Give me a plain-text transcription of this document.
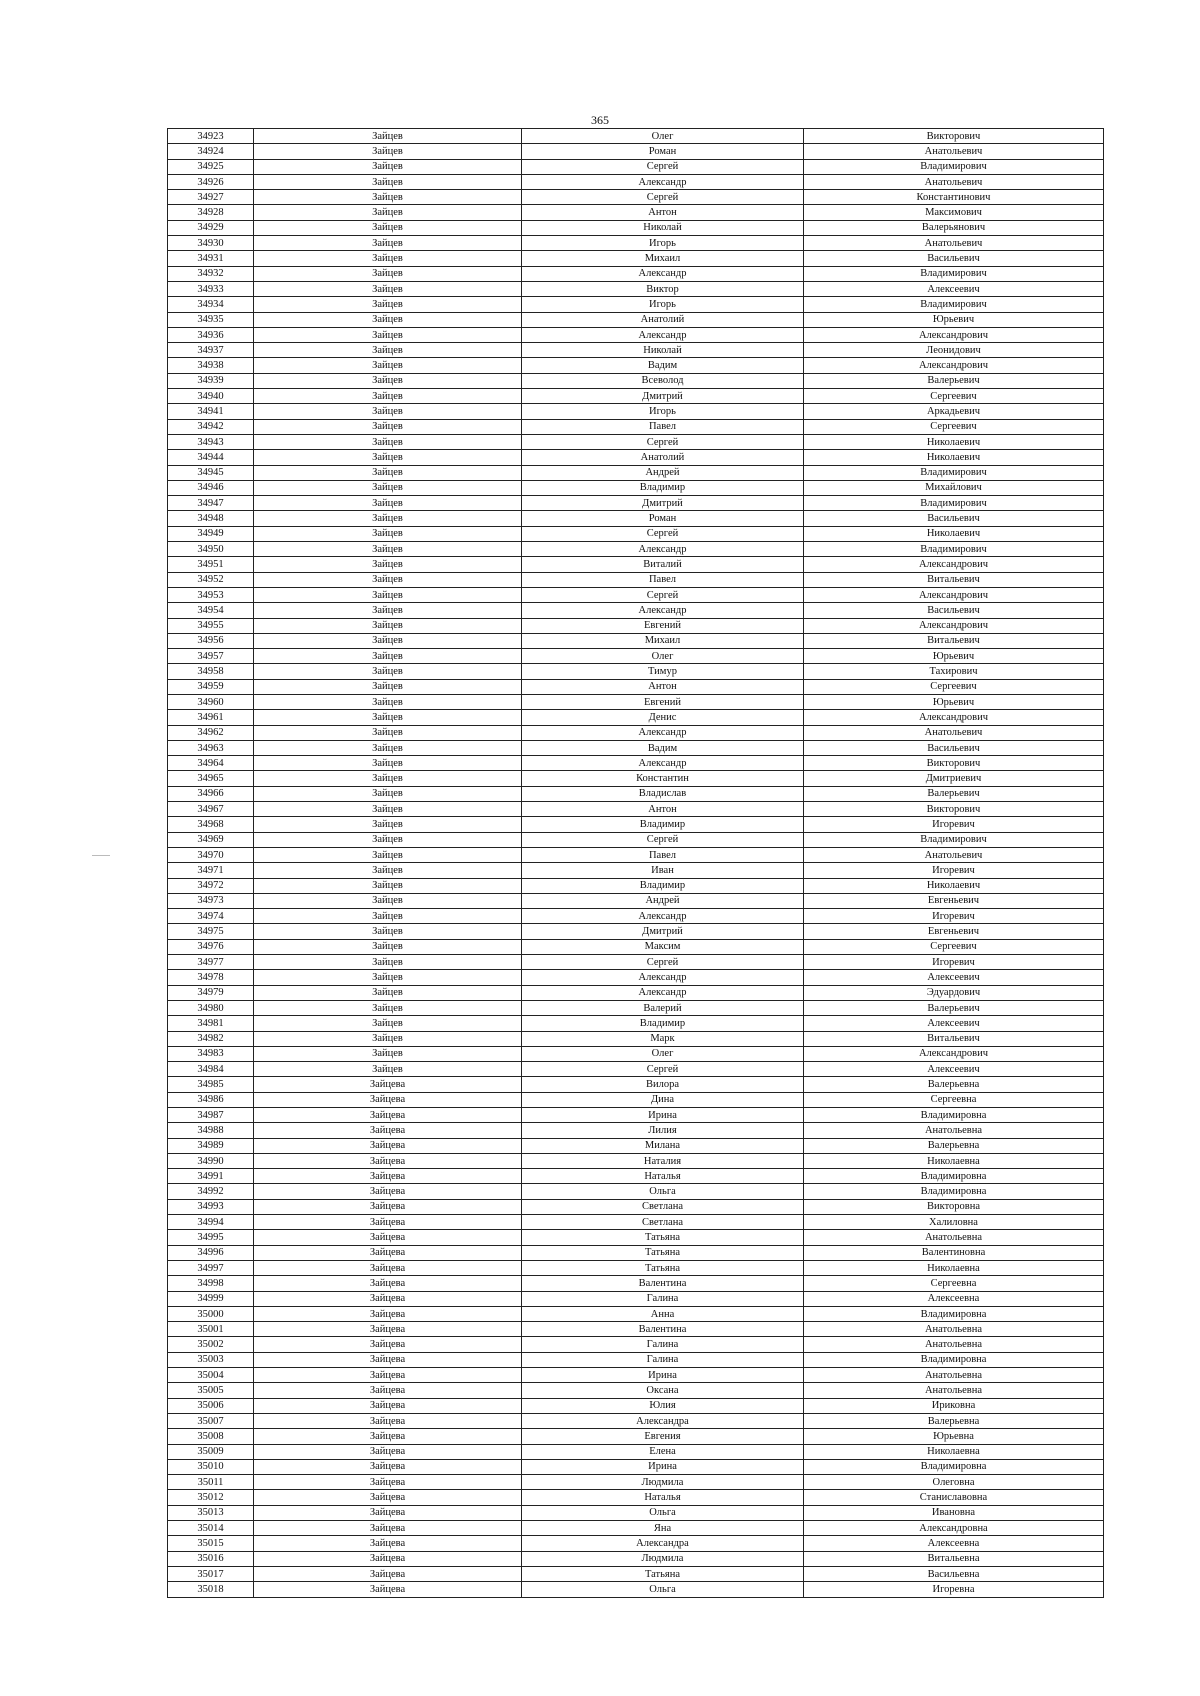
365
34923	Зайцев	Олег	Викторович
34924	Зайцев	Роман	Анатольевич
34925	Зайцев	Сергей	Владимирович
34926	Зайцев	Александр	Анатольевич
34927	Зайцев	Сергей	Константинович
34928	Зайцев	Антон	Максимович
34929	Зайцев	Николай	Валерьянович
34930	Зайцев	Игорь	Анатольевич
34931	Зайцев	Михаил	Васильевич
34932	Зайцев	Александр	Владимирович
34933	Зайцев	Виктор	Алексеевич
34934	Зайцев	Игорь	Владимирович
34935	Зайцев	Анатолий	Юрьевич
34936	Зайцев	Александр	Александрович
34937	Зайцев	Николай	Леонидович
34938	Зайцев	Вадим	Александрович
34939	Зайцев	Всеволод	Валерьевич
34940	Зайцев	Дмитрий	Сергеевич
34941	Зайцев	Игорь	Аркадьевич
34942	Зайцев	Павел	Сергеевич
34943	Зайцев	Сергей	Николаевич
34944	Зайцев	Анатолий	Николаевич
34945	Зайцев	Андрей	Владимирович
34946	Зайцев	Владимир	Михайлович
34947	Зайцев	Дмитрий	Владимирович
34948	Зайцев	Роман	Васильевич
34949	Зайцев	Сергей	Николаевич
34950	Зайцев	Александр	Владимирович
34951	Зайцев	Виталий	Александрович
34952	Зайцев	Павел	Витальевич
34953	Зайцев	Сергей	Александрович
34954	Зайцев	Александр	Васильевич
34955	Зайцев	Евгений	Александрович
34956	Зайцев	Михаил	Витальевич
34957	Зайцев	Олег	Юрьевич
34958	Зайцев	Тимур	Тахирович
34959	Зайцев	Антон	Сергеевич
34960	Зайцев	Евгений	Юрьевич
34961	Зайцев	Денис	Александрович
34962	Зайцев	Александр	Анатольевич
34963	Зайцев	Вадим	Васильевич
34964	Зайцев	Александр	Викторович
34965	Зайцев	Константин	Дмитриевич
34966	Зайцев	Владислав	Валерьевич
34967	Зайцев	Антон	Викторович
34968	Зайцев	Владимир	Игоревич
34969	Зайцев	Сергей	Владимирович
34970	Зайцев	Павел	Анатольевич
34971	Зайцев	Иван	Игоревич
34972	Зайцев	Владимир	Николаевич
34973	Зайцев	Андрей	Евгеньевич
34974	Зайцев	Александр	Игоревич
34975	Зайцев	Дмитрий	Евгеньевич
34976	Зайцев	Максим	Сергеевич
34977	Зайцев	Сергей	Игоревич
34978	Зайцев	Александр	Алексеевич
34979	Зайцев	Александр	Эдуардович
34980	Зайцев	Валерий	Валерьевич
34981	Зайцев	Владимир	Алексеевич
34982	Зайцев	Марк	Витальевич
34983	Зайцев	Олег	Александрович
34984	Зайцев	Сергей	Алексеевич
34985	Зайцева	Вилора	Валерьевна
34986	Зайцева	Дина	Сергеевна
34987	Зайцева	Ирина	Владимировна
34988	Зайцева	Лилия	Анатольевна
34989	Зайцева	Милана	Валерьевна
34990	Зайцева	Наталия	Николаевна
34991	Зайцева	Наталья	Владимировна
34992	Зайцева	Ольга	Владимировна
34993	Зайцева	Светлана	Викторовна
34994	Зайцева	Светлана	Халиловна
34995	Зайцева	Татьяна	Анатольевна
34996	Зайцева	Татьяна	Валентиновна
34997	Зайцева	Татьяна	Николаевна
34998	Зайцева	Валентина	Сергеевна
34999	Зайцева	Галина	Алексеевна
35000	Зайцева	Анна	Владимировна
35001	Зайцева	Валентина	Анатольевна
35002	Зайцева	Галина	Анатольевна
35003	Зайцева	Галина	Владимировна
35004	Зайцева	Ирина	Анатольевна
35005	Зайцева	Оксана	Анатольевна
35006	Зайцева	Юлия	Ириковна
35007	Зайцева	Александра	Валерьевна
35008	Зайцева	Евгения	Юрьевна
35009	Зайцева	Елена	Николаевна
35010	Зайцева	Ирина	Владимировна
35011	Зайцева	Людмила	Олеговна
35012	Зайцева	Наталья	Станиславовна
35013	Зайцева	Ольга	Ивановна
35014	Зайцева	Яна	Александровна
35015	Зайцева	Александра	Алексеевна
35016	Зайцева	Людмила	Витальевна
35017	Зайцева	Татьяна	Васильевна
35018	Зайцева	Ольга	Игоревна
